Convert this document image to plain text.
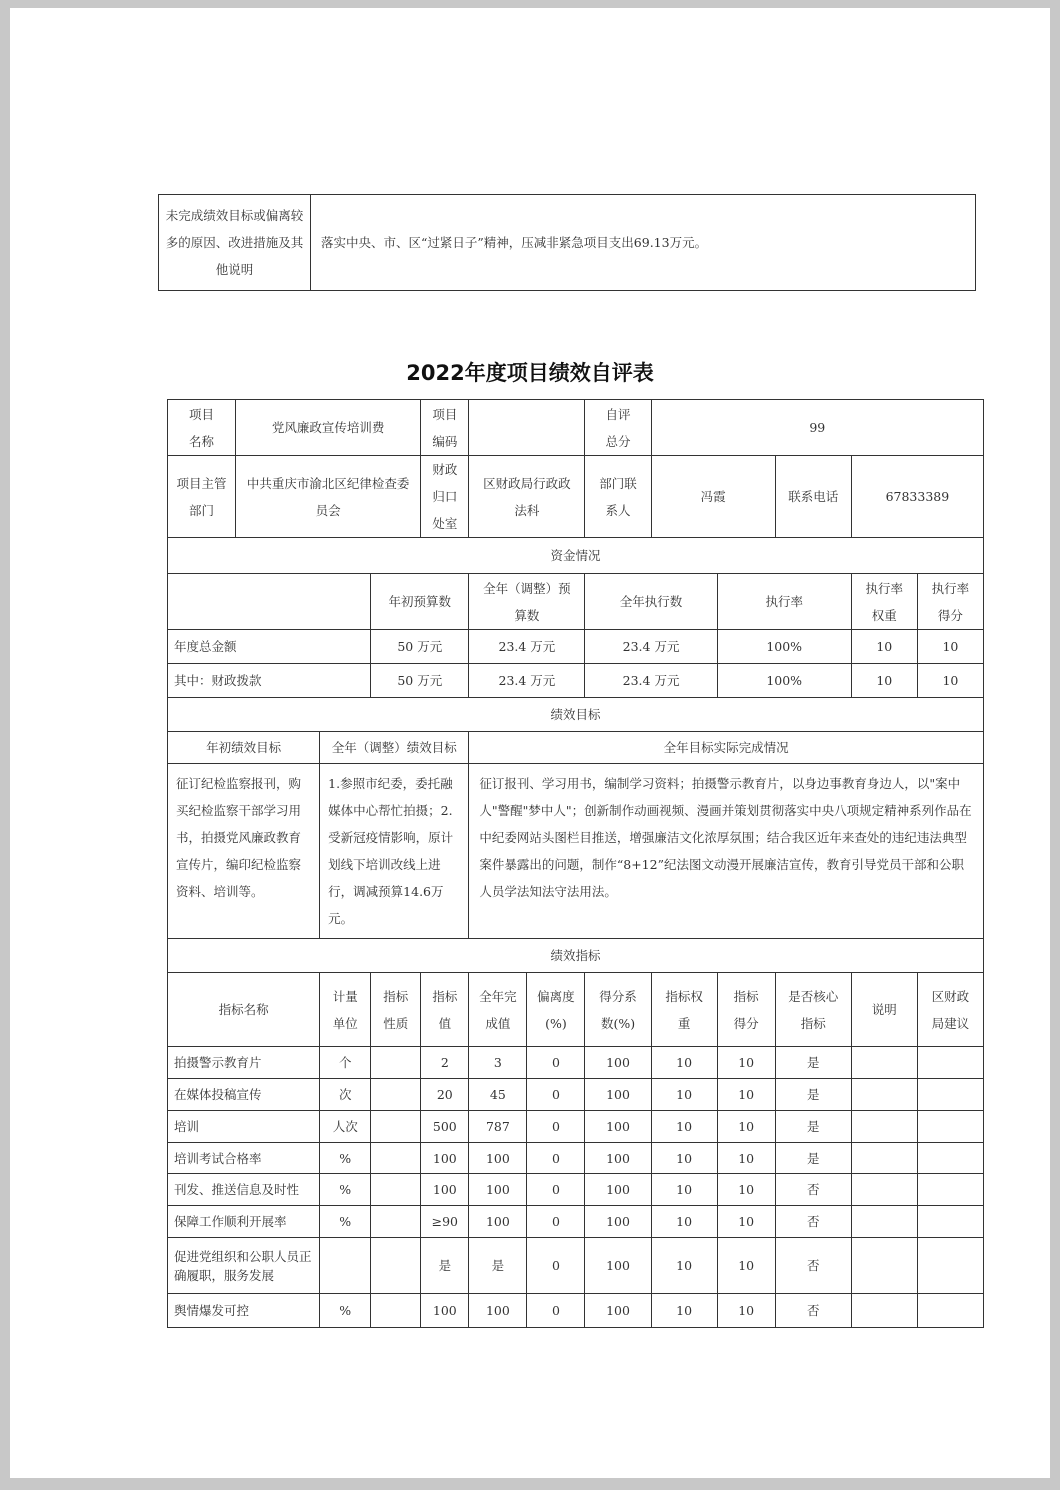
未完成绩效目标或偏离较多的原因、改进措施及其他说明	落实中央、市、区“过紧日子”精神，压减非紧急项目支出69.13万元。
2022年度项目绩效自评表
项目名称	党风廉政宣传培训费			项目编码			自评总分	99				
项目主管部门	中共重庆市渝北区纪律检查委员会			财政归口处室	区财政局行政政法科		部门联系人	冯霞		联系电话	67833389	
资金情况												
			年初预算数		全年（调整）预算数		全年执行数		执行率		执行率权重	执行率得分
年度总金额			50 万元		23.4 万元		23.4 万元		100%		10	10
其中：财政拨款			50 万元		23.4 万元		23.4 万元		100%		10	10
绩效目标												
年初绩效目标		全年（调整）绩效目标			全年目标实际完成情况							
征订纪检监察报刊，购买纪检监察干部学习用书，拍摄党风廉政教育宣传片，编印纪检监察资料、培训等。		1.参照市纪委，委托融媒体中心帮忙拍摄；2.受新冠疫情影响，原计划线下培训改线上进行，调减预算14.6万元。			征订报刊、学习用书，编制学习资料；拍摄警示教育片，以身边事教育身边人，以"案中人"警醒"梦中人"；创新制作动画视频、漫画并策划贯彻落实中央八项规定精神系列作品在中纪委网站头图栏目推送，增强廉洁文化浓厚氛围；结合我区近年来查处的违纪违法典型案件暴露出的问题，制作“8+12”纪法图文动漫开展廉洁宣传，教育引导党员干部和公职人员学法知法守法用法。							
绩效指标												
指标名称		计量单位	指标性质	指标值	全年完成值	偏离度(%)	得分系数(%)	指标权重	指标得分	是否核心指标	说明	区财政局建议
拍摄警示教育片		个		2	3	0	100	10	10	是		
在媒体投稿宣传		次		20	45	0	100	10	10	是		
培训		人次		500	787	0	100	10	10	是		
培训考试合格率		%		100	100	0	100	10	10	是		
刊发、推送信息及时性		%		100	100	0	100	10	10	否		
保障工作顺利开展率		%		≥90	100	0	100	10	10	否		
促进党组织和公职人员正确履职，服务发展				是	是	0	100	10	10	否		
舆情爆发可控		%		100	100	0	100	10	10	否		
